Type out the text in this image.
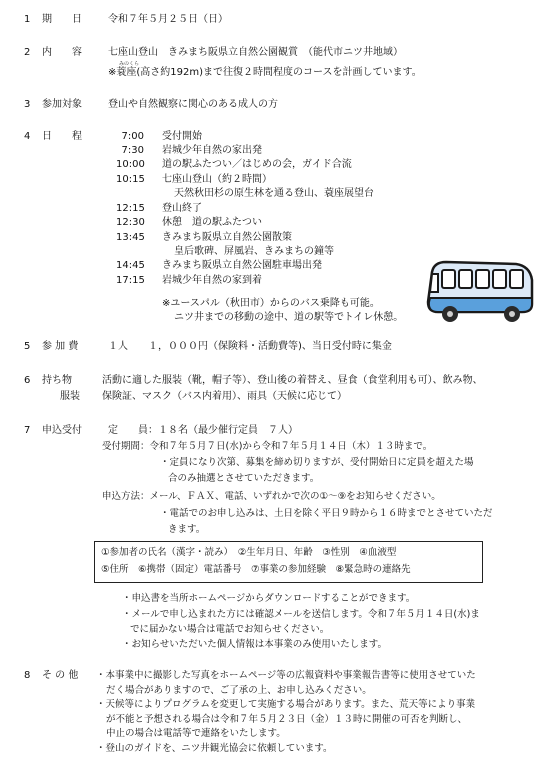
1 期　　日	令和７年５月２５日（日）
2 内　　容	七座山登山　きみまち阪県立自然公園観賞　（能代市ニツ井地域）
みのくら
※蓑座(高さ約192m)まで往復２時間程度のコースを計画しています。
3 参加対象	登山や自然観察に関心のある成人の方
4 日　　程	7:00 受付開始
7:30 岩城少年自然の家出発
10:00 道の駅ふたつい／はじめの会，ガイド合流
10:15 七座山登山（約２時間）
天然秋田杉の原生林を通る登山、蓑座展望台
12:15 登山終了
12:30 休憩　道の駅ふたつい
13:45 きみまち阪県立自然公園散策
皇后歌碑、屏風岩、きみまちの鐘等
14:45 きみまち阪県立自然公園駐車場出発
17:15 岩城少年自然の家到着
※ユースパル（秋田市）からのバス乗降も可能。
ニツ井までの移動の途中、道の駅等でトイレ休憩。
5 参 加 費	１人　　１，０００円（保険料・活動費等)、当日受付時に集金
6 持ち物	活動に適した服装（靴，帽子等）、登山後の着替え、昼食（食堂利用も可）、飲み物、
服装 保険証、マスク（バス内着用）、雨具（天候に応じて）
7 申込受付	定　　員：１８名（最少催行定員　７人）
受付期間：令和７年５月７日(水)から令和７年５月１４日（木）１３時まで。
・定員になり次第、募集を締め切りますが、受付開始日に定員を超えた場
合のみ抽選とさせていただきます。
申込方法：メール、ＦＡＸ、電話、いずれかで次の①～⑨をお知らせください。
・電話でのお申し込みは、土日を除く平日９時から１６時までとさせていただ
きます。
①参加者の氏名（漢字・読み）　②生年月日、年齢　③性別　④血液型
⑤住所　⑥携帯（固定）電話番号　⑦事業の参加経験　⑧緊急時の連絡先
・申込書を当所ホームページからダウンロードすることができます。
・メールで申し込まれた方には確認メールを送信します。令和７年５月１４日(水)ま
でに届かない場合は電話でお知らせください。
・お知らせいただいた個人情報は本事業のみ使用いたします。
8 そ の 他 ・本事業中に撮影した写真をホームページ等の広報資料や事業報告書等に使用させていた
だく場合がありますので、ご了承の上、お申し込みください。
・天候等によりプログラムを変更して実施する場合があります。また、荒天等により事業
が不能と予想される場合は令和７年５月２３日（金）１３時に開催の可否を判断し、
中止の場合は電話等で連絡をいたします。
・登山のガイドを、ニツ井観光協会に依頼しています。
